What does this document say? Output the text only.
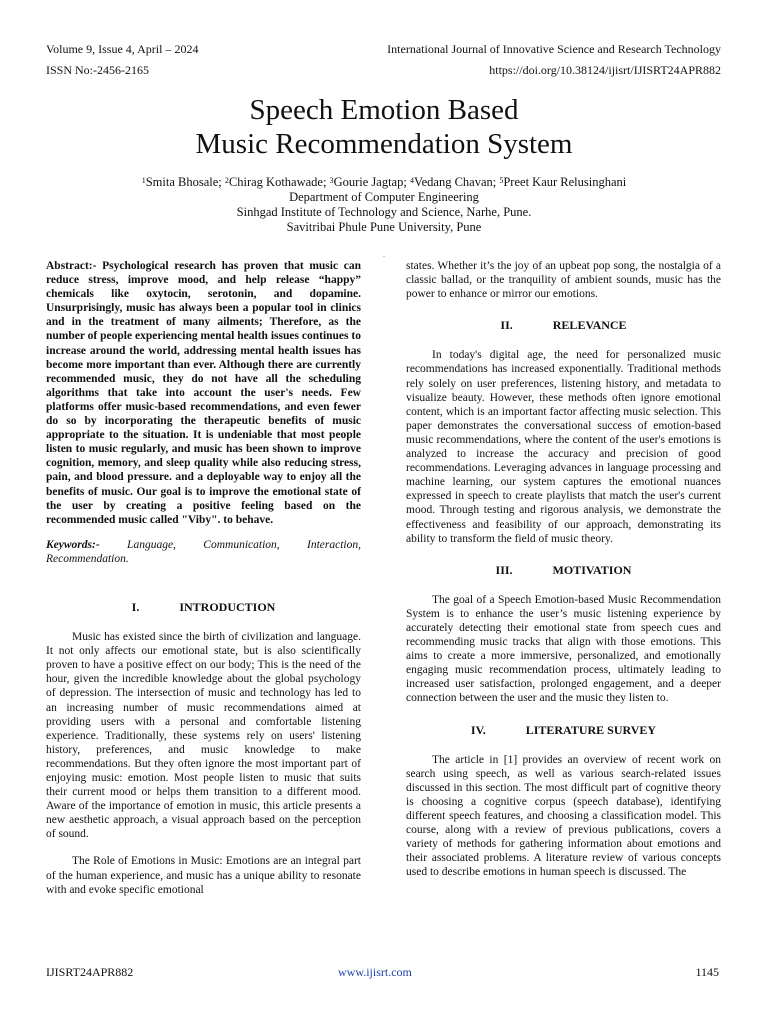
Volume 9, Issue 4, April – 2024	International Journal of Innovative Science and Research Technology
ISSN No:-2456-2165	https://doi.org/10.38124/ijisrt/IJISRT24APR882
Speech Emotion Based
Music Recommendation System
$^1$Smita Bhosale; $^2$Chirag Kothawade; $^3$Gourie Jagtap; $^4$Vedang Chavan; $^5$Preet Kaur Relusinghani
Department of Computer Engineering
Sinhgad Institute of Technology and Science, Narhe, Pune.
Savitribai Phule Pune University, Pune
.

Abstract:- Psychological research has proven that music can reduce stress, improve mood, and help release “happy” chemicals like oxytocin, serotonin, and dopamine. Unsurprisingly, music has always been a popular tool in clinics and in the treatment of many ailments; Therefore, as the number of people experiencing mental health issues continues to increase around the world, addressing mental health issues has become more important than ever. Although there are currently recommended music, they do not have all the scheduling algorithms that take into account the user's needs. Few platforms offer music-based recommendations, and even fewer do so by incorporating the therapeutic benefits of music appropriate to the situation. It is undeniable that most people listen to music regularly, and music has been shown to improve cognition, memory, and sleep quality while also reducing stress, pain, and blood pressure. and a deployable way to enjoy all the benefits of music. Our goal is to improve the emotional state of the user by creating a positive feeling based on the recommended music called "Viby". to behave.

Keywords:- Language, Communication, Interaction, Recommendation.

I.	INTRODUCTION

Music has existed since the birth of civilization and language. It not only affects our emotional state, but is also scientifically proven to have a positive effect on our body; This is the need of the hour, given the incredible knowledge about the global psychology of depression. The intersection of music and technology has led to an increasing number of music recommendations aimed at providing users with a personal and comfortable listening experience. Traditionally, these systems rely on users' listening history, preferences, and music knowledge to make recommendations. But they often ignore the most important part of enjoying music: emotion. Most people listen to music that suits their current mood or helps them transition to a different mood. Aware of the importance of emotion in music, this article presents a new aesthetic approach, a visual approach based on the perception of sound.

The Role of Emotions in Music: Emotions are an integral part of the human experience, and music has a unique ability to resonate with and evoke specific emotional

states. Whether it’s the joy of an upbeat pop song, the nostalgia of a classic ballad, or the tranquility of ambient sounds, music has the power to enhance or mirror our emotions.

II.	RELEVANCE

In today's digital age, the need for personalized music recommendations has increased exponentially. Traditional methods rely solely on user preferences, listening history, and metadata to visualize beauty. However, these methods often ignore emotional content, which is an important factor affecting music selection. This paper demonstrates the conversational success of emotion-based music recommendations, where the content of the user's emotions is analyzed to increase the accuracy and precision of good recommendations. Leveraging advances in language processing and machine learning, our system captures the emotional nuances expressed in speech to create playlists that match the user's current mood. Through testing and rigorous analysis, we demonstrate the effectiveness and feasibility of our approach, demonstrating its ability to transform the field of music theory.

III.	MOTIVATION

The goal of a Speech Emotion-based Music Recommendation System is to enhance the user’s music listening experience by accurately detecting their emotional state from speech cues and recommending music tracks that align with those emotions. This aims to create a more immersive, personalized, and emotionally engaging music recommendation process, ultimately leading to increased user satisfaction, prolonged engagement, and a deeper connection between the user and the music they listen to.

IV.	LITERATURE SURVEY

The article in [1] provides an overview of recent work on search using speech, as well as various search-related issues discussed in this section. The most difficult part of cognitive theory is choosing a cognitive corpus (speech database), identifying different speech features, and choosing a classification model. This course, along with a review of previous publications, covers a variety of methods for gathering information about emotions and their associated problems. A literature review of various concepts used to describe emotions in human speech is discussed. The

IJISRT24APR882	www.ijisrt.com	1145
